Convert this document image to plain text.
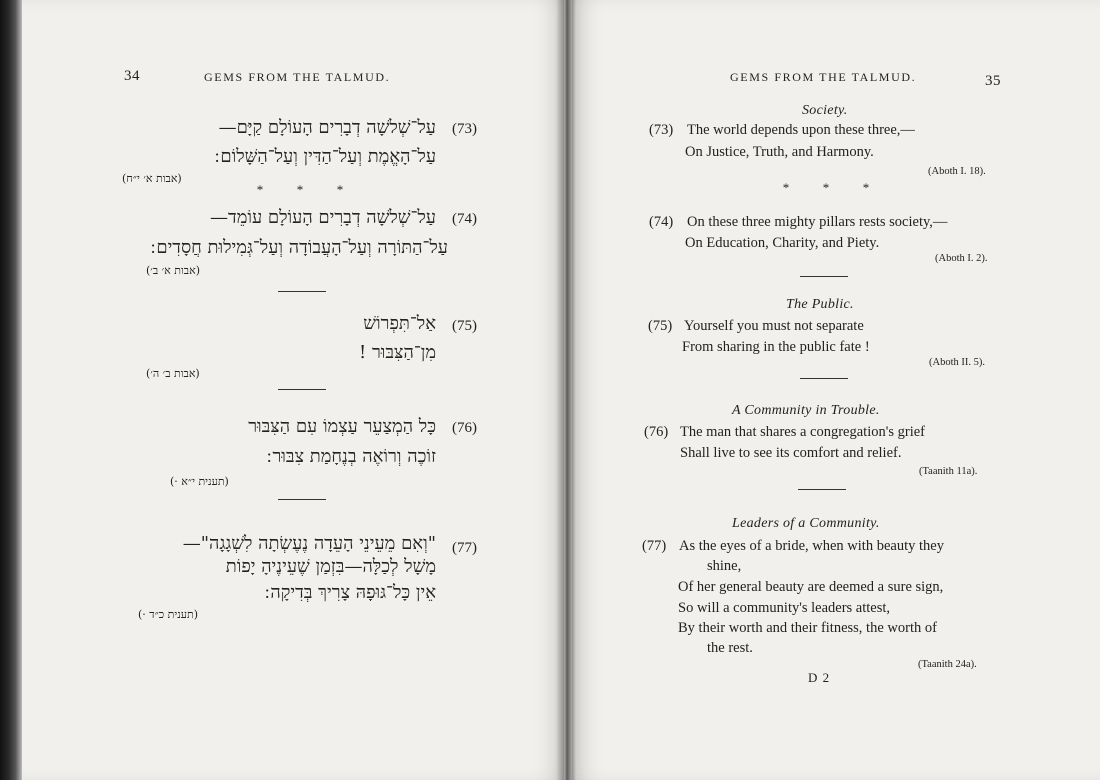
34	GEMS FROM THE TALMUD.
(73)
עַל־שְׁלשָׁה דְבָרִים הָעוֹלָם קַיָּם—
עַל־הָאֱמֶת וְעַל־הַדִּין וְעַל־הַשָּׁלוֹם ׃
(אבות א׳ י״ח)
*	*	*
(74)
עַל־שְׁלשָׁה דְבָרִים הָעוֹלָם עוֹמֵד—
עַל־הַתּוֹרָה וְעַל־הָעֲבוֹדָה וְעַל־גְּמִילוּת חֲסָדִים ׃
(אבות א׳ ב׳)
(75)
אַל־תִּפְרוֹשׁ
מִן־הַצִּבּוּר !
(אבות ב׳ ה׳)
(76)
כָּל הַמְצַעֵר עַצְמוֹ עִם הַצִּבּוּר
זוֹכֶה וְרוֹאֶה בְנֶחָמַת צִבּוּר ׃
(תענית י״א ·)
(77)
"וְאִם מֵעֵינֵי הָעֵדָה נֶעֶשְׂתָה לִשְׁגָגָה"—
מָשָׁל לְכַלָּה—בִּזְמַן שֶׁעֵינֶיהָ יָפוֹת
אֵין כָּל־גּוּפָהּ צָרִיךְ בְּדִיקָה ׃
(תענית כ״ד ·)
GEMS FROM THE TALMUD.	35
Society.
(73) The world depends upon these three,—
On Justice, Truth, and Harmony.
(Aboth I. 18).
*	*	*
(74) On these three mighty pillars rests society,—
On Education, Charity, and Piety.
(Aboth I. 2).
The Public.
(75) Yourself you must not separate
From sharing in the public fate !
(Aboth II. 5).
A Community in Trouble.
(76) The man that shares a congregation's grief
Shall live to see its comfort and relief.
(Taanith 11a).
Leaders of a Community.
(77) As the eyes of a bride, when with beauty they
shine,
Of her general beauty are deemed a sure sign,
So will a community's leaders attest,
By their worth and their fitness, the worth of
the rest.
(Taanith 24a).
D 2
